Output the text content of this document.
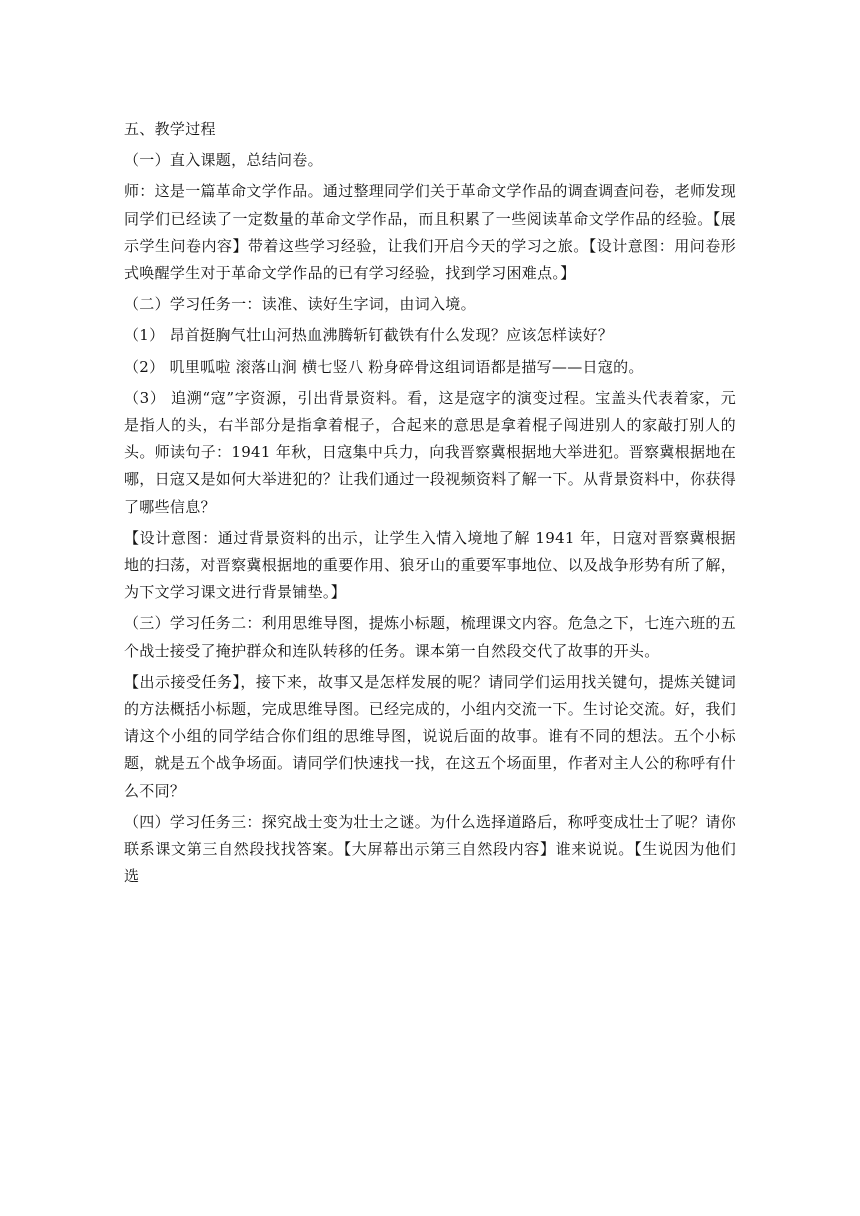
五、教学过程

（一）直入课题，总结问卷。

师：这是一篇革命文学作品。通过整理同学们关于革命文学作品的调查调查问卷，老师发现同学们已经读了一定数量的革命文学作品，而且积累了一些阅读革命文学作品的经验。【展示学生问卷内容】带着这些学习经验，让我们开启今天的学习之旅。【设计意图：用问卷形式唤醒学生对于革命文学作品的已有学习经验，找到学习困难点。】

（二）学习任务一：读准、读好生字词，由词入境。

（1） 昂首挺胸气壮山河热血沸腾斩钉截铁有什么发现？应该怎样读好？

（2） 叽里呱啦 滚落山涧 横七竖八 粉身碎骨这组词语都是描写——日寇的。

（3） 追溯“寇”字资源，引出背景资料。看，这是寇字的演变过程。宝盖头代表着家，元是指人的头，右半部分是指拿着棍子，合起来的意思是拿着棍子闯进别人的家敲打别人的头。师读句子：1941 年秋，日寇集中兵力，向我晋察冀根据地大举进犯。晋察冀根据地在哪，日寇又是如何大举进犯的？让我们通过一段视频资料了解一下。从背景资料中，你获得了哪些信息？

【设计意图：通过背景资料的出示，让学生入情入境地了解 1941 年，日寇对晋察冀根据地的扫荡，对晋察冀根据地的重要作用、狼牙山的重要军事地位、以及战争形势有所了解，为下文学习课文进行背景铺垫。】

（三）学习任务二：利用思维导图，提炼小标题，梳理课文内容。危急之下，七连六班的五个战士接受了掩护群众和连队转移的任务。课本第一自然段交代了故事的开头。

【出示接受任务】，接下来，故事又是怎样发展的呢？请同学们运用找关键句，提炼关键词的方法概括小标题，完成思维导图。已经完成的，小组内交流一下。生讨论交流。好，我们请这个小组的同学结合你们组的思维导图，说说后面的故事。谁有不同的想法。五个小标题，就是五个战争场面。请同学们快速找一找，在这五个场面里，作者对主人公的称呼有什么不同？

（四）学习任务三：探究战士变为壮士之谜。为什么选择道路后，称呼变成壮士了呢？请你联系课文第三自然段找找答案。【大屏幕出示第三自然段内容】谁来说说。【生说因为他们选
